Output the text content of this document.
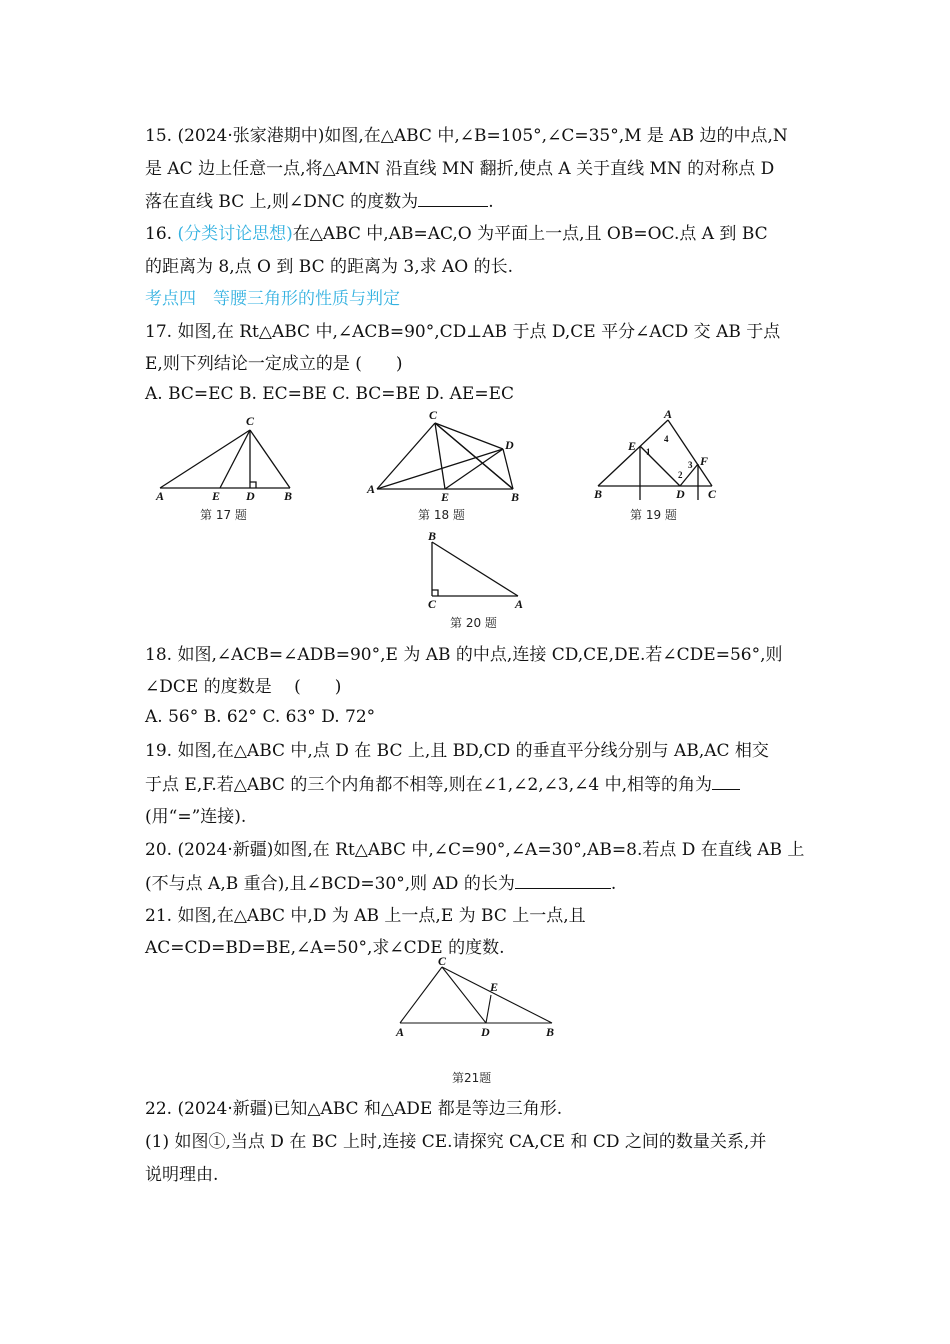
15. (2024·张家港期中)如图,在△ABC 中,∠B=105°,∠C=35°,M 是 AB 边的中点,N
是 AC 边上任意一点,将△AMN 沿直线 MN 翻折,使点 A 关于直线 MN 的对称点 D
落在直线 BC 上,则∠DNC 的度数为	.
16. (分类讨论思想)在△ABC 中,AB=AC,O 为平面上一点,且 OB=OC.点 A 到 BC
的距离为 8,点 O 到 BC 的距离为 3,求 AO 的长.
考点四　等腰三角形的性质与判定
17. 如图,在 Rt△ABC 中,∠ACB=90°,CD⊥AB 于点 D,CE 平分∠ACD 交 AB 于点
E,则下列结论一定成立的是 (　　)
A. BC=EC B. EC=BE C. BC=BE D. AE=EC
C
A	E D B
第 17 题
C
D
A
E	B
第 18 题
A
E 1
4
3 F
2
B	D C
第 19 题
B
C	A
第 20 题
18. 如图,∠ACB=∠ADB=90°,E 为 AB 的中点,连接 CD,CE,DE.若∠CDE=56°,则
∠DCE 的度数是　 (　　)
A. 56° B. 62° C. 63° D. 72°
19. 如图,在△ABC 中,点 D 在 BC 上,且 BD,CD 的垂直平分线分别与 AB,AC 相交
于点 E,F.若△ABC 的三个内角都不相等,则在∠1,∠2,∠3,∠4 中,相等的角为
(用“=”连接).
20. (2024·新疆)如图,在 Rt△ABC 中,∠C=90°,∠A=30°,AB=8.若点 D 在直线 AB 上
(不与点 A,B 重合),且∠BCD=30°,则 AD 的长为	.
21. 如图,在△ABC 中,D 为 AB 上一点,E 为 BC 上一点,且
AC=CD=BD=BE,∠A=50°,求∠CDE 的度数.
C
E
A	D	B
第21题
22. (2024·新疆)已知△ABC 和△ADE 都是等边三角形.
(1) 如图①,当点 D 在 BC 上时,连接 CE.请探究 CA,CE 和 CD 之间的数量关系,并
说明理由.
